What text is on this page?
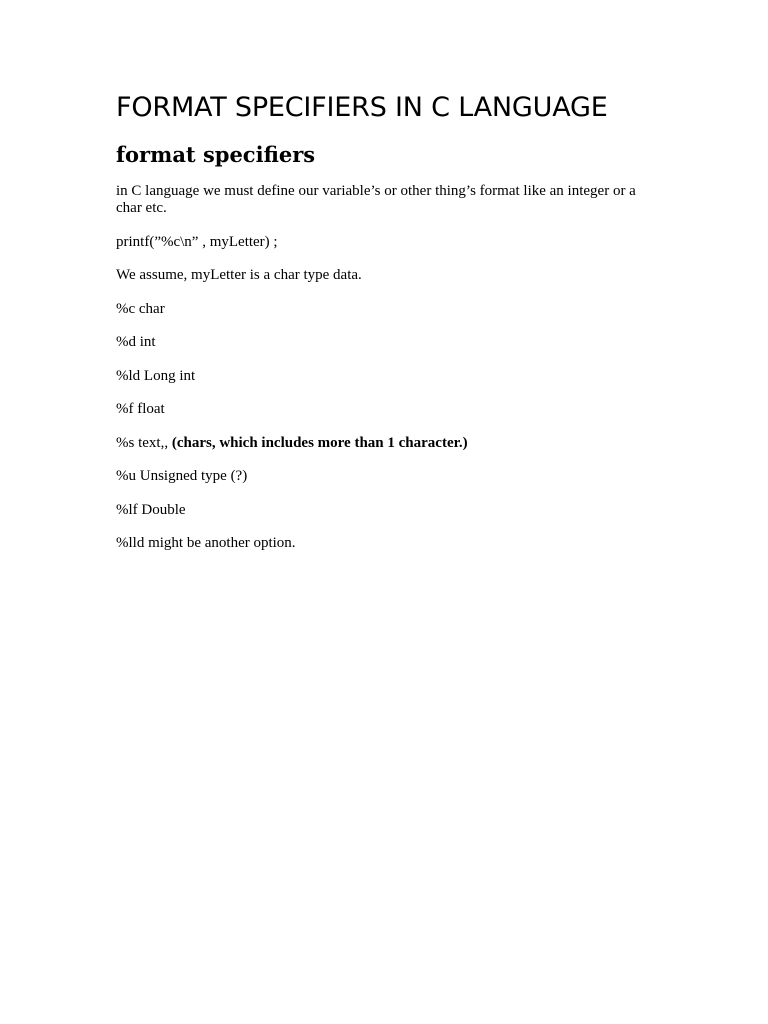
FORMAT SPECIFIERS IN C LANGUAGE
format specifiers

in C language we must define our variable’s or other thing’s format like an integer or a char etc.

printf(”%c\n” , myLetter) ;

We assume, myLetter is a char type data.

%c char

%d int

%ld Long int

%f float

%s text,, (chars, which includes more than 1 character.)

%u Unsigned type (?)

%lf Double

%lld might be another option.
